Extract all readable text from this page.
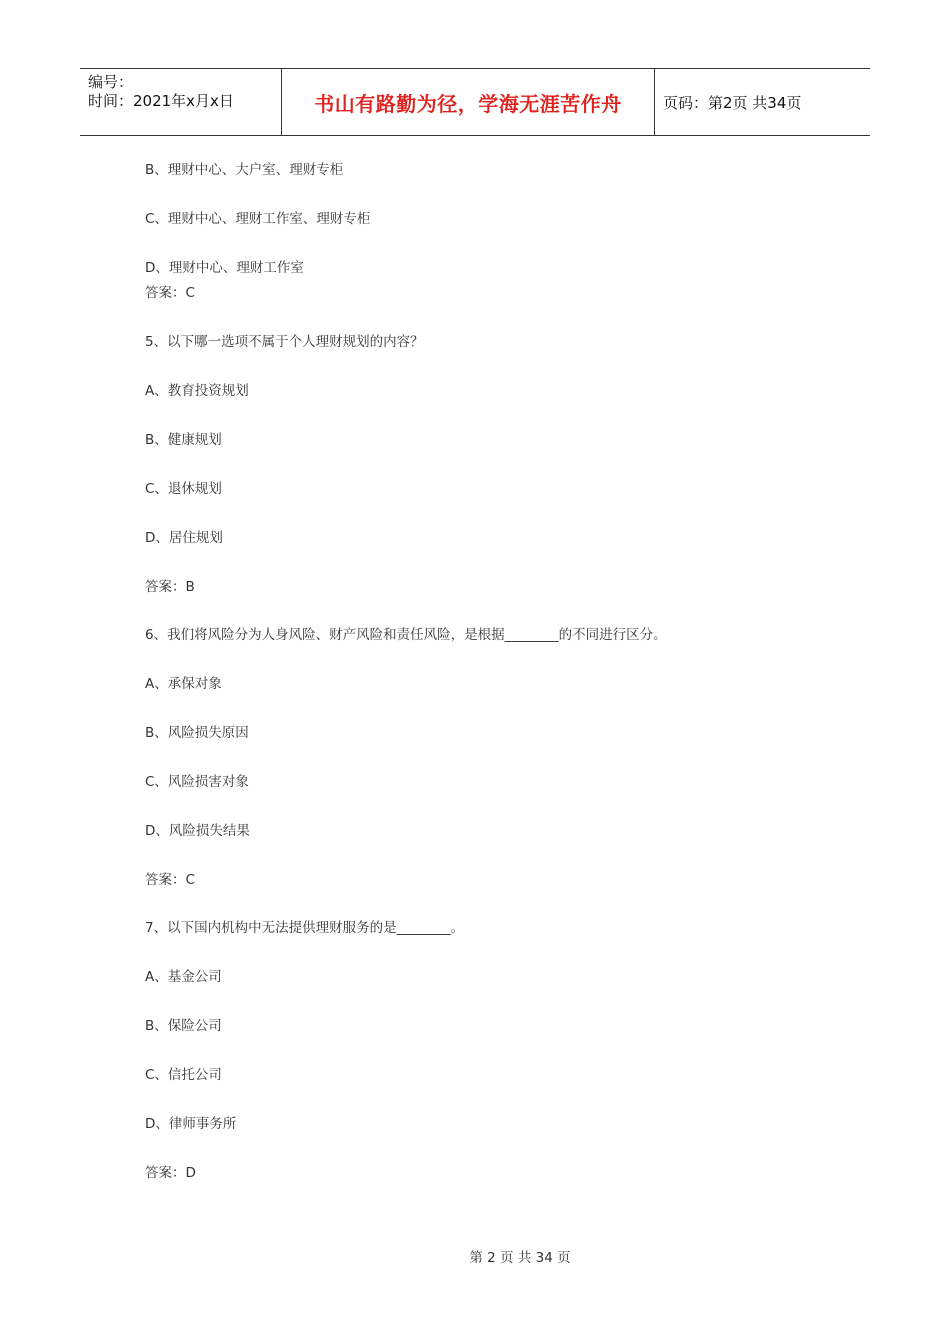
编号：
时间：2021年x月x日	书山有路勤为径，学海无涯苦作舟	页码：第2页 共34页
B、理财中心、大户室、理财专柜
C、理财中心、理财工作室、理财专柜
D、理财中心、理财工作室
答案：C
5、以下哪一选项不属于个人理财规划的内容？
A、教育投资规划
B、健康规划
C、退休规划
D、居住规划
答案：B
6、我们将风险分为人身风险、财产风险和责任风险，是根据________的不同进行区分。
A、承保对象
B、风险损失原因
C、风险损害对象
D、风险损失结果
答案：C
7、以下国内机构中无法提供理财服务的是________。
A、基金公司
B、保险公司
C、信托公司
D、律师事务所
答案：D
第 2 页 共 34 页
